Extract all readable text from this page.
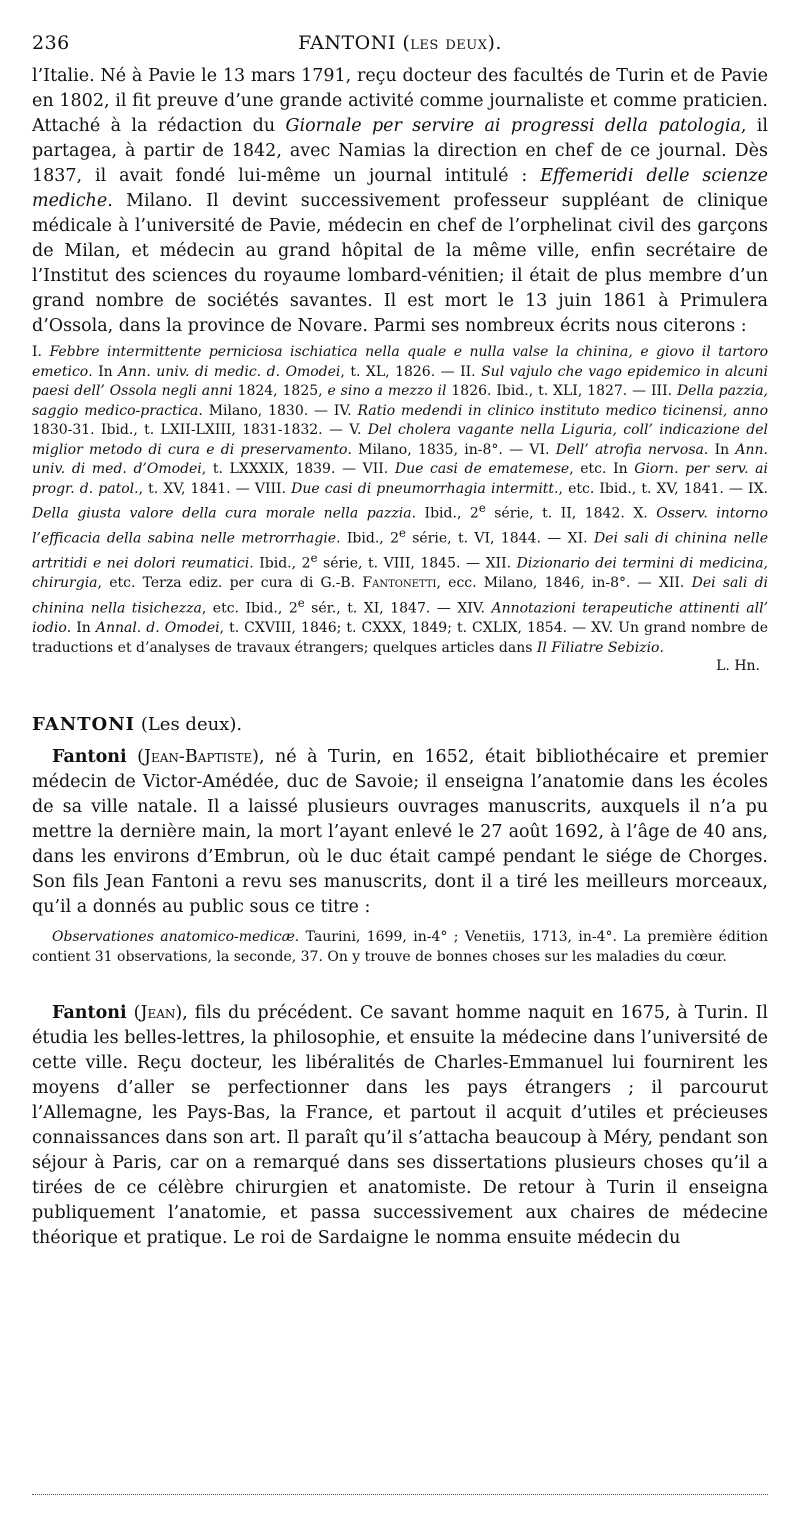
236	FANTONI (les deux).

l’Italie. Né à Pavie le 13 mars 1791, reçu docteur des facultés de Turin et de Pavie en 1802, il fit preuve d’une grande activité comme journaliste et comme praticien. Attaché à la rédaction du Giornale per servire ai progressi della patologia, il partagea, à partir de 1842, avec Namias la direction en chef de ce journal. Dès 1837, il avait fondé lui-même un journal intitulé : Effemeridi delle scienze mediche. Milano. Il devint successivement professeur suppléant de clinique médicale à l’université de Pavie, médecin en chef de l’orphelinat civil des garçons de Milan, et médecin au grand hôpital de la même ville, enfin secrétaire de l’Institut des sciences du royaume lombard-vénitien; il était de plus membre d’un grand nombre de sociétés savantes. Il est mort le 13 juin 1861 à Primulera d’Ossola, dans la province de Novare. Parmi ses nombreux écrits nous citerons :

I. Febbre intermittente perniciosa ischiatica nella quale e nulla valse la chinina, e giovo il tartoro emetico. In Ann. univ. di medic. d. Omodei, t. XL, 1826. — II. Sul vajulo che vago epidemico in alcuni paesi dell’ Ossola negli anni 1824, 1825, e sino a mezzo il 1826. Ibid., t. XLI, 1827. — III. Della pazzia, saggio medico-practica. Milano, 1830. — IV. Ratio medendi in clinico instituto medico ticinensi, anno 1830-31. Ibid., t. LXII-LXIII, 1831-1832. — V. Del cholera vagante nella Liguria, coll’ indicazione del miglior metodo di cura e di preservamento. Milano, 1835, in-8°. — VI. Dell’ atrofia nervosa. In Ann. univ. di med. d’Omodei, t. LXXXIX, 1839. — VII. Due casi de ematemese, etc. In Giorn. per serv. ai progr. d. patol., t. XV, 1841. — VIII. Due casi di pneumorrhagia intermitt., etc. Ibid., t. XV, 1841. — IX. Della giusta valore della cura morale nella pazzia. Ibid., 2e série, t. II, 1842. X. Osserv. intorno l’efficacia della sabina nelle metrorrhagie. Ibid., 2e série, t. VI, 1844. — XI. Dei sali di chinina nelle artritidi e nei dolori reumatici. Ibid., 2e série, t. VIII, 1845. — XII. Dizionario dei termini di medicina, chirurgia, etc. Terza ediz. per cura di G.-B. Fantonetti, ecc. Milano, 1846, in-8°. — XII. Dei sali di chinina nella tisichezza, etc. Ibid., 2e sér., t. XI, 1847. — XIV. Annotazioni terapeutiche attinenti all’ iodio. In Annal. d. Omodei, t. CXVIII, 1846; t. CXXX, 1849; t. CXLIX, 1854. — XV. Un grand nombre de traductions et d’analyses de travaux étrangers; quelques articles dans Il Filiatre Sebizio.

L. Hn.
FANTONI (Les deux).

Fantoni (Jean-Baptiste), né à Turin, en 1652, était bibliothécaire et premier médecin de Victor-Amédée, duc de Savoie; il enseigna l’anatomie dans les écoles de sa ville natale. Il a laissé plusieurs ouvrages manuscrits, auxquels il n’a pu mettre la dernière main, la mort l’ayant enlevé le 27 août 1692, à l’âge de 40 ans, dans les environs d’Embrun, où le duc était campé pendant le siége de Chorges. Son fils Jean Fantoni a revu ses manuscrits, dont il a tiré les meilleurs morceaux, qu’il a donnés au public sous ce titre :

Observationes anatomico-medicæ. Taurini, 1699, in-4° ; Venetiis, 1713, in-4°. La première édition contient 31 observations, la seconde, 37. On y trouve de bonnes choses sur les maladies du cœur.

Fantoni (Jean), fils du précédent. Ce savant homme naquit en 1675, à Turin. Il étudia les belles-lettres, la philosophie, et ensuite la médecine dans l’université de cette ville. Reçu docteur, les libéralités de Charles-Emmanuel lui fournirent les moyens d’aller se perfectionner dans les pays étrangers ; il parcourut l’Allemagne, les Pays-Bas, la France, et partout il acquit d’utiles et précieuses connaissances dans son art. Il paraît qu’il s’attacha beaucoup à Méry, pendant son séjour à Paris, car on a remarqué dans ses dissertations plusieurs choses qu’il a tirées de ce célèbre chirurgien et anatomiste. De retour à Turin il enseigna publiquement l’anatomie, et passa successivement aux chaires de médecine théorique et pratique. Le roi de Sardaigne le nomma ensuite médecin du
